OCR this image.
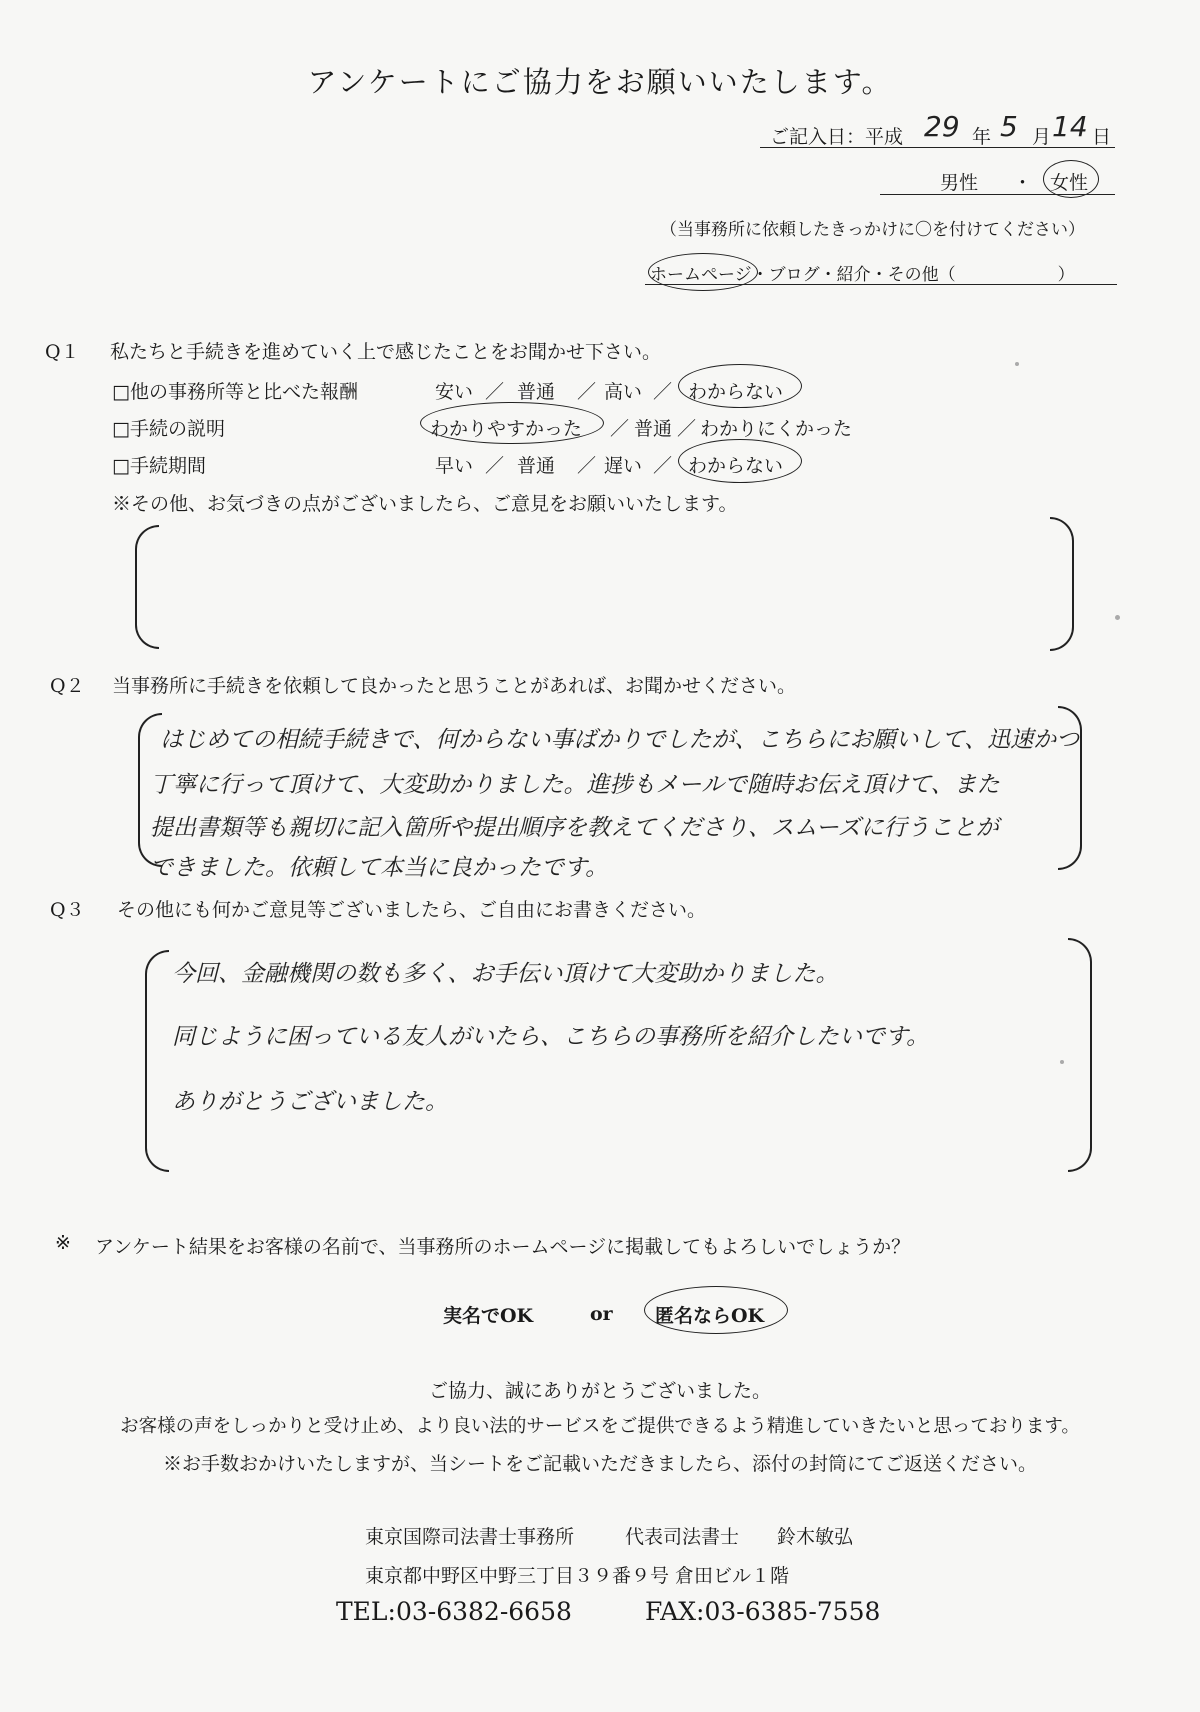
アンケートにご協力をお願いいたします。
ご記入日：平成 29 年 5 月 14 日
男性 ・ 女性
（当事務所に依頼したきっかけに〇を付けてください）
ホームページ・ブログ・紹介・その他（　　　　　　）
Q１ 私たちと手続きを進めていく上で感じたことをお聞かせ下さい。
□他の事務所等と比べた報酬	安い ／ 普通 ／ 高い ／ わからない
□手続の説明	わかりやすかった ／ 普通 ／ わかりにくかった
□手続期間	早い ／ 普通 ／ 遅い ／ わからない
※その他、お気づきの点がございましたら、ご意見をお願いいたします。
Q２ 当事務所に手続きを依頼して良かったと思うことがあれば、お聞かせください。
はじめての相続手続きで、何からない事ばかりでしたが、こちらにお願いして、迅速かつ
丁寧に行って頂けて、大変助かりました。進捗もメールで随時お伝え頂けて、また
提出書類等も親切に記入箇所や提出順序を教えてくださり、スムーズに行うことが
できました。依頼して本当に良かったです。
Q３ その他にも何かご意見等ございましたら、ご自由にお書きください。
今回、金融機関の数も多く、お手伝い頂けて大変助かりました。
同じように困っている友人がいたら、こちらの事務所を紹介したいです。
ありがとうございました。
※ アンケート結果をお客様の名前で、当事務所のホームページに掲載してもよろしいでしょうか？
実名でOK	or 匿名ならOK
ご協力、誠にありがとうございました。
お客様の声をしっかりと受け止め、より良い法的サービスをご提供できるよう精進していきたいと思っております。
※お手数おかけいたしますが、当シートをご記載いただきましたら、添付の封筒にてご返送ください。
東京国際司法書士事務所	代表司法書士 鈴木敏弘
東京都中野区中野三丁目３９番９号 倉田ビル１階
TEL:03-6382-6658	FAX:03-6385-7558
